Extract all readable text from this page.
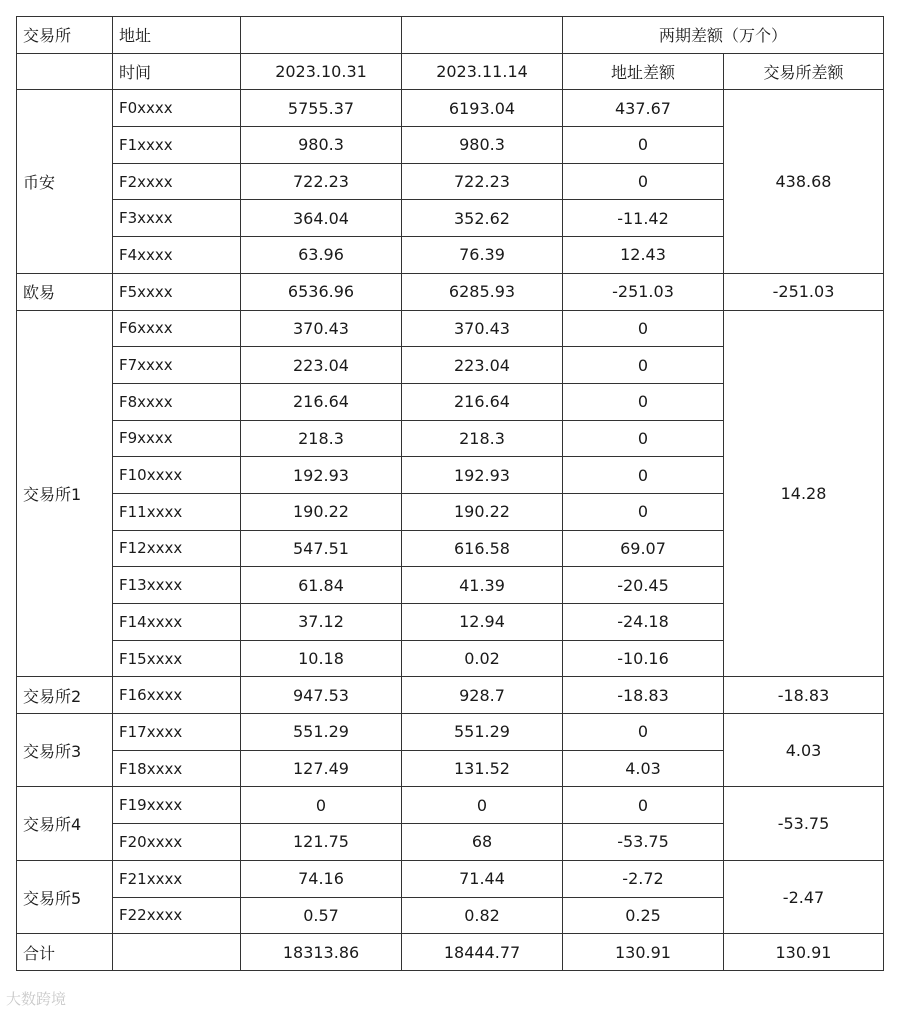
交易所	地址			两期差额（万个）	
	时间	2023.10.31	2023.11.14	地址差额	交易所差额
币安	F0xxxx	5755.37	6193.04	437.67	438.68
	F1xxxx	980.3	980.3	0	
	F2xxxx	722.23	722.23	0	
	F3xxxx	364.04	352.62	-11.42	
	F4xxxx	63.96	76.39	12.43	
欧易	F5xxxx	6536.96	6285.93	-251.03	-251.03
交易所1	F6xxxx	370.43	370.43	0	14.28
	F7xxxx	223.04	223.04	0	
	F8xxxx	216.64	216.64	0	
	F9xxxx	218.3	218.3	0	
	F10xxxx	192.93	192.93	0	
	F11xxxx	190.22	190.22	0	
	F12xxxx	547.51	616.58	69.07	
	F13xxxx	61.84	41.39	-20.45	
	F14xxxx	37.12	12.94	-24.18	
	F15xxxx	10.18	0.02	-10.16	
交易所2	F16xxxx	947.53	928.7	-18.83	-18.83
交易所3	F17xxxx	551.29	551.29	0	4.03
	F18xxxx	127.49	131.52	4.03	
交易所4	F19xxxx	0	0	0	-53.75
	F20xxxx	121.75	68	-53.75	
交易所5	F21xxxx	74.16	71.44	-2.72	-2.47
	F22xxxx	0.57	0.82	0.25	
合计		18313.86	18444.77	130.91	130.91
大数跨境
